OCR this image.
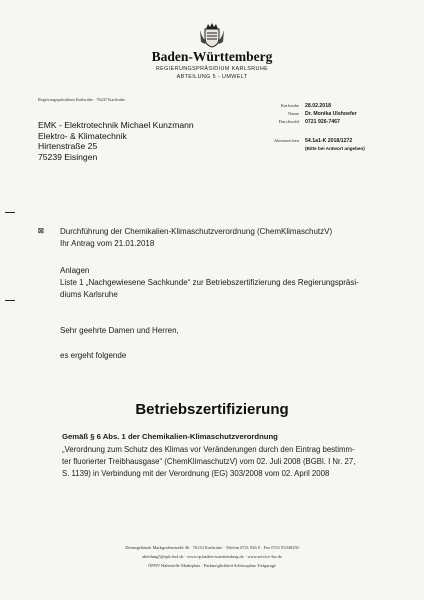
Baden-Württemberg
REGIERUNGSPRÄSIDIUM KARLSRUHE
ABTEILUNG 5 - UMWELT
Regierungspräsidium Karlsruhe · 76247 Karlsruhe
Karlsruhe	28.02.2018
Name	Dr. Monika Ulshoefer
Durchwahl	0721 926-7467
Aktenzeichen	54.1a1-K 2018/1272
(Bitte bei Antwort angeben)
EMK - Elektrotechnik Michael Kunzmann
Elektro- & Klimatechnik
Hirtenstraße 25
75239 Eisingen
☒	Durchführung der Chemikalien-Klimaschutzverordnung (ChemKlimaschutzV)
Ihr Antrag vom 21.01.2018
Anlagen
Liste 1 „Nachgewiesene Sachkunde“ zur Betriebszertifizierung des Regierungspräsi-
diums Karlsruhe
Sehr geehrte Damen und Herren,
es ergeht folgende
Betriebszertifizierung
Gemäß § 6 Abs. 1 der Chemikalien-Klimaschutzverordnung
„Verordnung zum Schutz des Klimas vor Veränderungen durch den Eintrag bestimm-
ter fluorierter Treibhausgase“ (ChemKlimaschutzV) vom 02. Juli 2008 (BGBl. I Nr. 27,
S. 1139) in Verbindung mit der Verordnung (EG) 303/2008 vom 02. April 2008
Dienstgebäude Markgrafenstraße 46 · 76133 Karlsruhe · Telefon 0721 926 0 · Fax 0721 93340250
abteilung5@rpk.bwl.de · www.rp.baden-wuerttemberg.de · www.service-bw.de
ÖPNV Haltestelle Marktplatz · Parkmöglichkeit Schlossplatz Tiefgarage
